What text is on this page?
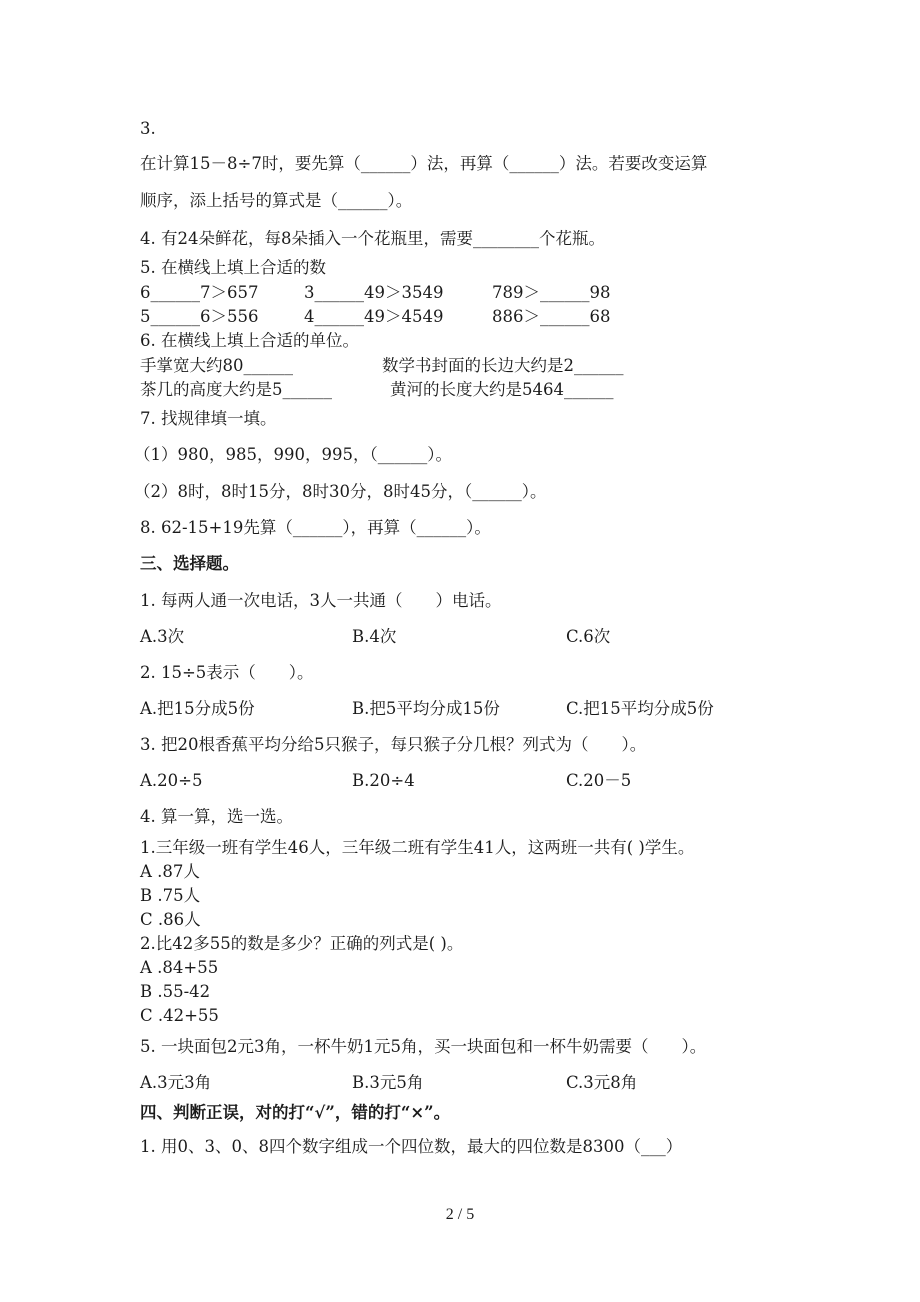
3.
在计算15－8÷7时，要先算（______）法，再算（______）法。若要改变运算
顺序，添上括号的算式是（______）。
4. 有24朵鲜花，每8朵插入一个花瓶里，需要________个花瓶。
5. 在横线上填上合适的数
6______7＞657	3______49＞3549	789＞______98
5______6＞556	4______49＞4549	886＞______68
6. 在横线上填上合适的单位。
手掌宽大约80______	数学书封面的长边大约是2______
茶几的高度大约是5______	黄河的长度大约是5464______
7. 找规律填一填。
（1）980，985，990，995，（______）。
（2）8时，8时15分，8时30分，8时45分，（______）。
8. 62-15+19先算（______），再算（______）。
三、选择题。
1. 每两人通一次电话，3人一共通（　　）电话。
A.3次	B.4次	C.6次
2. 15÷5表示（　　）。
A.把15分成5份	B.把5平均分成15份	C.把15平均分成5份
3. 把20根香蕉平均分给5只猴子，每只猴子分几根？列式为（　　）。
A.20÷5	B.20÷4	C.20－5
4. 算一算，选一选。
1.三年级一班有学生46人，三年级二班有学生41人，这两班一共有( )学生。
A .87人
B .75人
C .86人
2.比42多55的数是多少？正确的列式是( )。
A .84+55
B .55-42
C .42+55
5. 一块面包2元3角，一杯牛奶1元5角，买一块面包和一杯牛奶需要（　　）。
A.3元3角	B.3元5角	C.3元8角
四、判断正误，对的打“√”，错的打“×”。
1. 用0、3、0、8四个数字组成一个四位数，最大的四位数是8300（___）
2 / 5
